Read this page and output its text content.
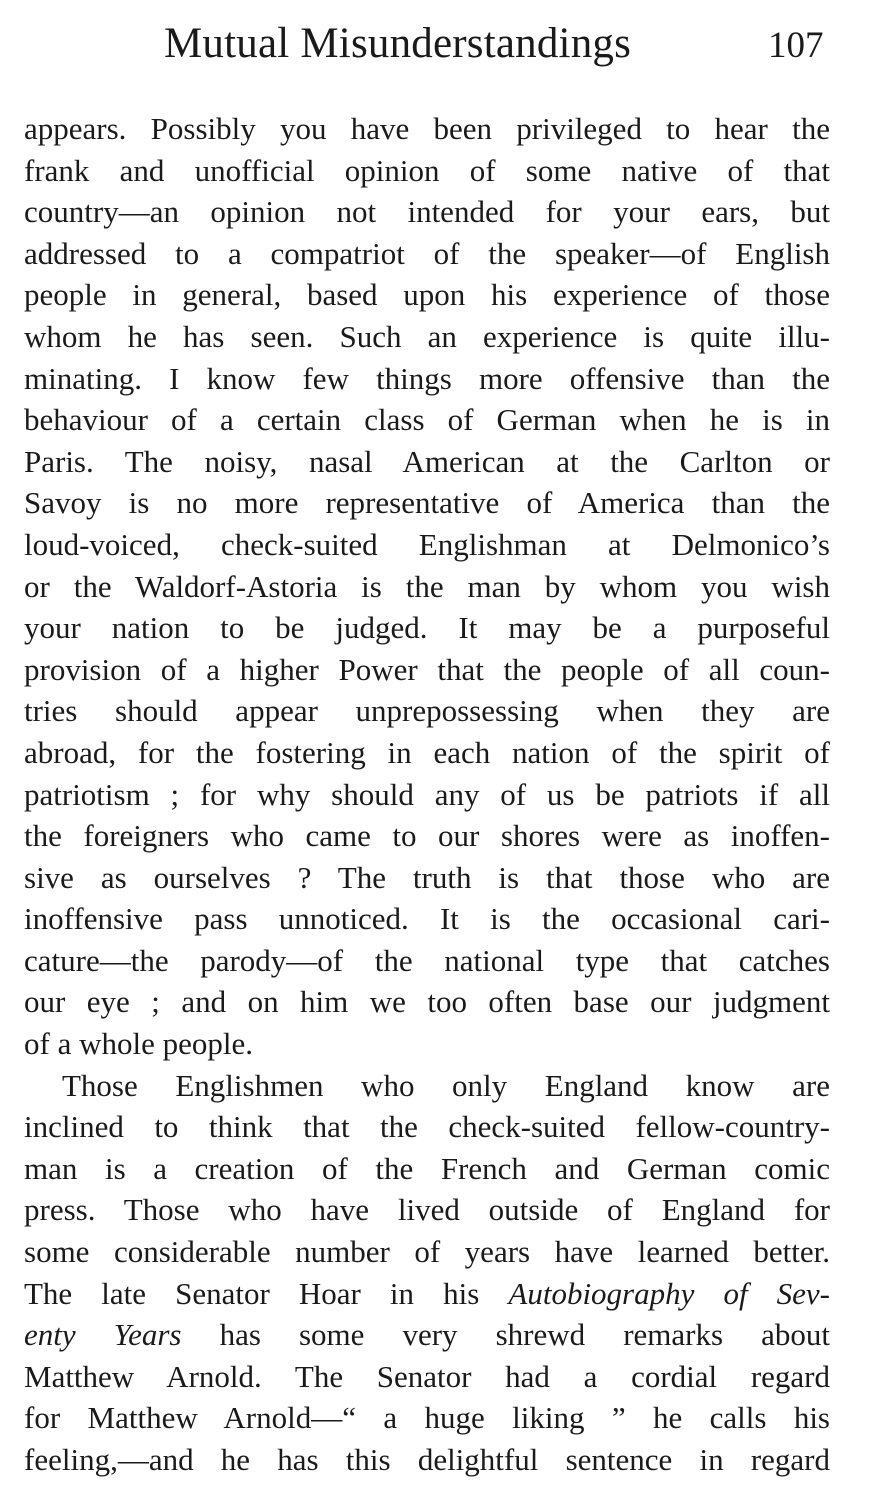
Mutual Misunderstandings	107
appears. Possibly you have been privileged to hear the
frank and unofficial opinion of some native of that
country—an opinion not intended for your ears, but
addressed to a compatriot of the speaker—of English
people in general, based upon his experience of those
whom he has seen. Such an experience is quite illu-
minating. I know few things more offensive than the
behaviour of a certain class of German when he is in
Paris. The noisy, nasal American at the Carlton or
Savoy is no more representative of America than the
loud-voiced, check-suited Englishman at Delmonico’s
or the Waldorf-Astoria is the man by whom you wish
your nation to be judged. It may be a purposeful
provision of a higher Power that the people of all coun-
tries should appear unprepossessing when they are
abroad, for the fostering in each nation of the spirit of
patriotism ; for why should any of us be patriots if all
the foreigners who came to our shores were as inoffen-
sive as ourselves ? The truth is that those who are
inoffensive pass unnoticed. It is the occasional cari-
cature—the parody—of the national type that catches
our eye ; and on him we too often base our judgment
of a whole people.
Those Englishmen who only England know are
inclined to think that the check-suited fellow-country-
man is a creation of the French and German comic
press. Those who have lived outside of England for
some considerable number of years have learned better.
The late Senator Hoar in his Autobiography of Sev-
enty Years has some very shrewd remarks about
Matthew Arnold. The Senator had a cordial regard
for Matthew Arnold—“ a huge liking ” he calls his
feeling,—and he has this delightful sentence in regard
